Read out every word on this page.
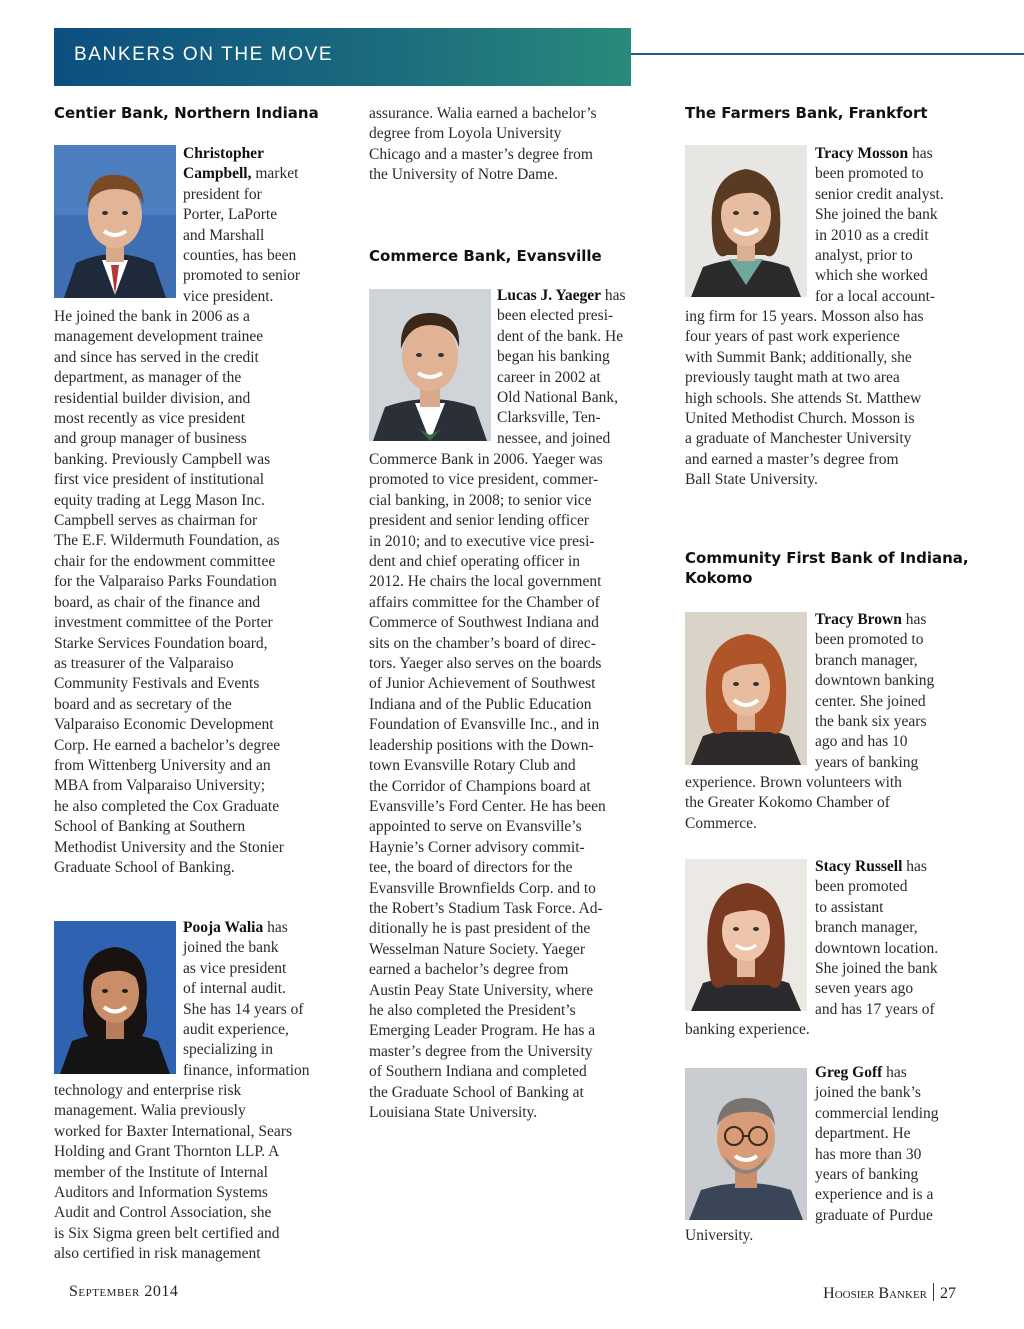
BANKERS ON THE MOVE
Centier Bank, Northern Indiana

Christopher
Campbell, market
president for
Porter, LaPorte
and Marshall
counties, has been
promoted to senior
vice president.

He joined the bank in 2006 as a
management development trainee
and since has served in the credit
department, as manager of the
residential builder division, and
most recently as vice president
and group manager of business
banking. Previously Campbell was
first vice president of institutional
equity trading at Legg Mason Inc.
Campbell serves as chairman for
The E.F. Wildermuth Foundation, as
chair for the endowment committee
for the Valparaiso Parks Foundation
board, as chair of the finance and
investment committee of the Porter
Starke Services Foundation board,
as treasurer of the Valparaiso
Community Festivals and Events
board and as secretary of the
Valparaiso Economic Development
Corp. He earned a bachelor’s degree
from Wittenberg University and an
MBA from Valparaiso University;
he also completed the Cox Graduate
School of Banking at Southern
Methodist University and the Stonier
Graduate School of Banking.

Pooja Walia has
joined the bank
as vice president
of internal audit.
She has 14 years of
audit experience,
specializing in
finance, information

technology and enterprise risk
management. Walia previously
worked for Baxter International, Sears
Holding and Grant Thornton LLP. A
member of the Institute of Internal
Auditors and Information Systems
Audit and Control Association, she
is Six Sigma green belt certified and
also certified in risk management

assurance. Walia earned a bachelor’s
degree from Loyola University
Chicago and a master’s degree from
the University of Notre Dame.

Commerce Bank, Evansville

Lucas J. Yaeger has
been elected presi-
dent of the bank. He
began his banking
career in 2002 at
Old National Bank,
Clarksville, Ten-
nessee, and joined

Commerce Bank in 2006. Yaeger was
promoted to vice president, commer-
cial banking, in 2008; to senior vice
president and senior lending officer
in 2010; and to executive vice presi-
dent and chief operating officer in
2012. He chairs the local government
affairs committee for the Chamber of
Commerce of Southwest Indiana and
sits on the chamber’s board of direc-
tors. Yaeger also serves on the boards
of Junior Achievement of Southwest
Indiana and of the Public Education
Foundation of Evansville Inc., and in
leadership positions with the Down-
town Evansville Rotary Club and
the Corridor of Champions board at
Evansville’s Ford Center. He has been
appointed to serve on Evansville’s
Haynie’s Corner advisory commit-
tee, the board of directors for the
Evansville Brownfields Corp. and to
the Robert’s Stadium Task Force. Ad-
ditionally he is past president of the
Wesselman Nature Society. Yaeger
earned a bachelor’s degree from
Austin Peay State University, where
he also completed the President’s
Emerging Leader Program. He has a
master’s degree from the University
of Southern Indiana and completed
the Graduate School of Banking at
Louisiana State University.

The Farmers Bank, Frankfort

Tracy Mosson has
been promoted to
senior credit analyst.
She joined the bank
in 2010 as a credit
analyst, prior to
which she worked
for a local account-

ing firm for 15 years. Mosson also has
four years of past work experience
with Summit Bank; additionally, she
previously taught math at two area
high schools. She attends St. Matthew
United Methodist Church. Mosson is
a graduate of Manchester University
and earned a master’s degree from
Ball State University.

Community First Bank of Indiana,
Kokomo

Tracy Brown has
been promoted to
branch manager,
downtown banking
center. She joined
the bank six years
ago and has 10
years of banking

experience. Brown volunteers with
the Greater Kokomo Chamber of
Commerce.

Stacy Russell has
been promoted
to assistant
branch manager,
downtown location.
She joined the bank
seven years ago
and has 17 years of

banking experience.

Greg Goff has
joined the bank’s
commercial lending
department. He
has more than 30
years of banking
experience and is a
graduate of Purdue

University.

September 2014	Hoosier Banker 27
